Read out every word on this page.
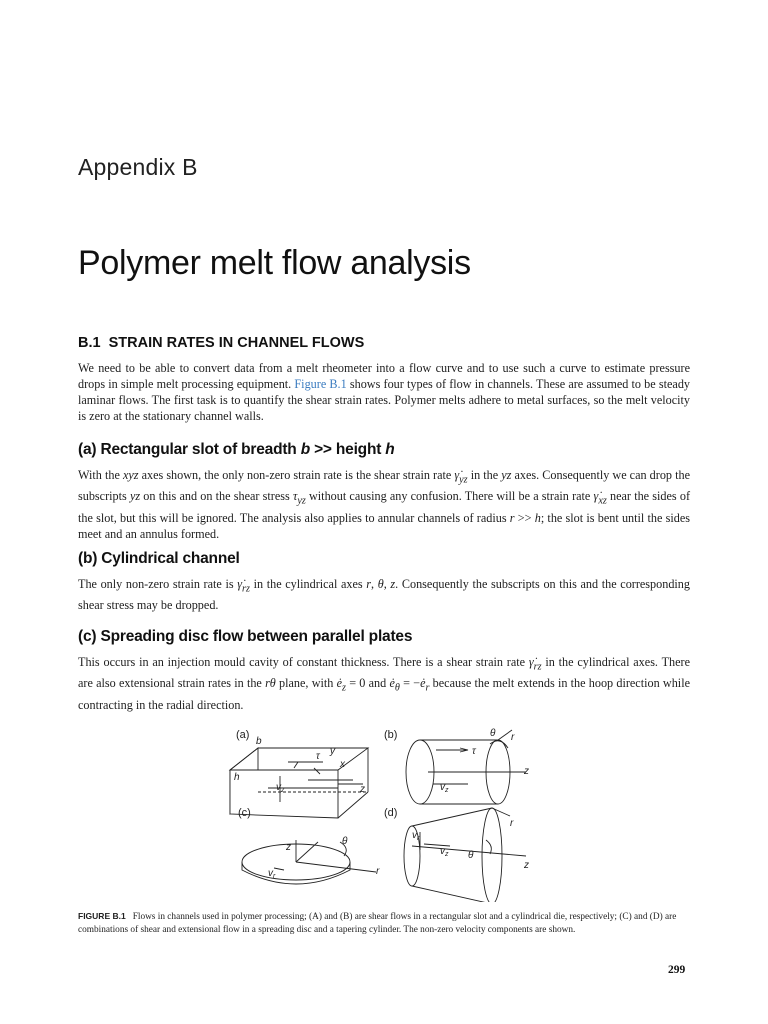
Appendix B
Polymer melt flow analysis
B.1 STRAIN RATES IN CHANNEL FLOWS
We need to be able to convert data from a melt rheometer into a flow curve and to use such a curve to estimate pressure drops in simple melt processing equipment. Figure B.1 shows four types of flow in channels. These are assumed to be steady laminar flows. The first task is to quantify the shear strain rates. Polymer melts adhere to metal surfaces, so the melt velocity is zero at the stationary channel walls.
(a) Rectangular slot of breadth b >> height h
With the xyz axes shown, the only non-zero strain rate is the shear strain rate $\gammȧ_{yz}$ in the yz axes. Consequently we can drop the subscripts yz on this and on the shear stress $\tau_{yz}$ without causing any confusion. There will be a strain rate $\gammȧ_{xz}$ near the sides of the slot, but this will be ignored. The analysis also applies to annular channels of radius r >> h; the slot is bent until the sides meet and an annulus formed.
(b) Cylindrical channel
The only non-zero strain rate is $\gammȧ_{rz}$ in the cylindrical axes r, θ, z. Consequently the subscripts on this and the corresponding shear stress may be dropped.
(c) Spreading disc flow between parallel plates
This occurs in an injection mould cavity of constant thickness. There is a shear strain rate $\gammȧ_{rz}$ in the cylindrical axes. There are also extensional strain rates in the rθ plane, with $ė_z = 0$ and $ė_\theta$ = $-ė_r$ because the melt extends in the hoop direction while contracting in the radial direction.
(a)
b
h
τ y
x
z
$v_z$
(b)	θ r
τ
z
$v_z$
(c)
z
θ
r
$v_r$
(d)
$v_r$
$v_z$ θ
r
z
FIGURE B.1 Flows in channels used in polymer processing; (A) and (B) are shear flows in a rectangular slot and a cylindrical die, respectively; (C) and (D) are combinations of shear and extensional flow in a spreading disc and a tapering cylinder. The non-zero velocity components are shown.
299
